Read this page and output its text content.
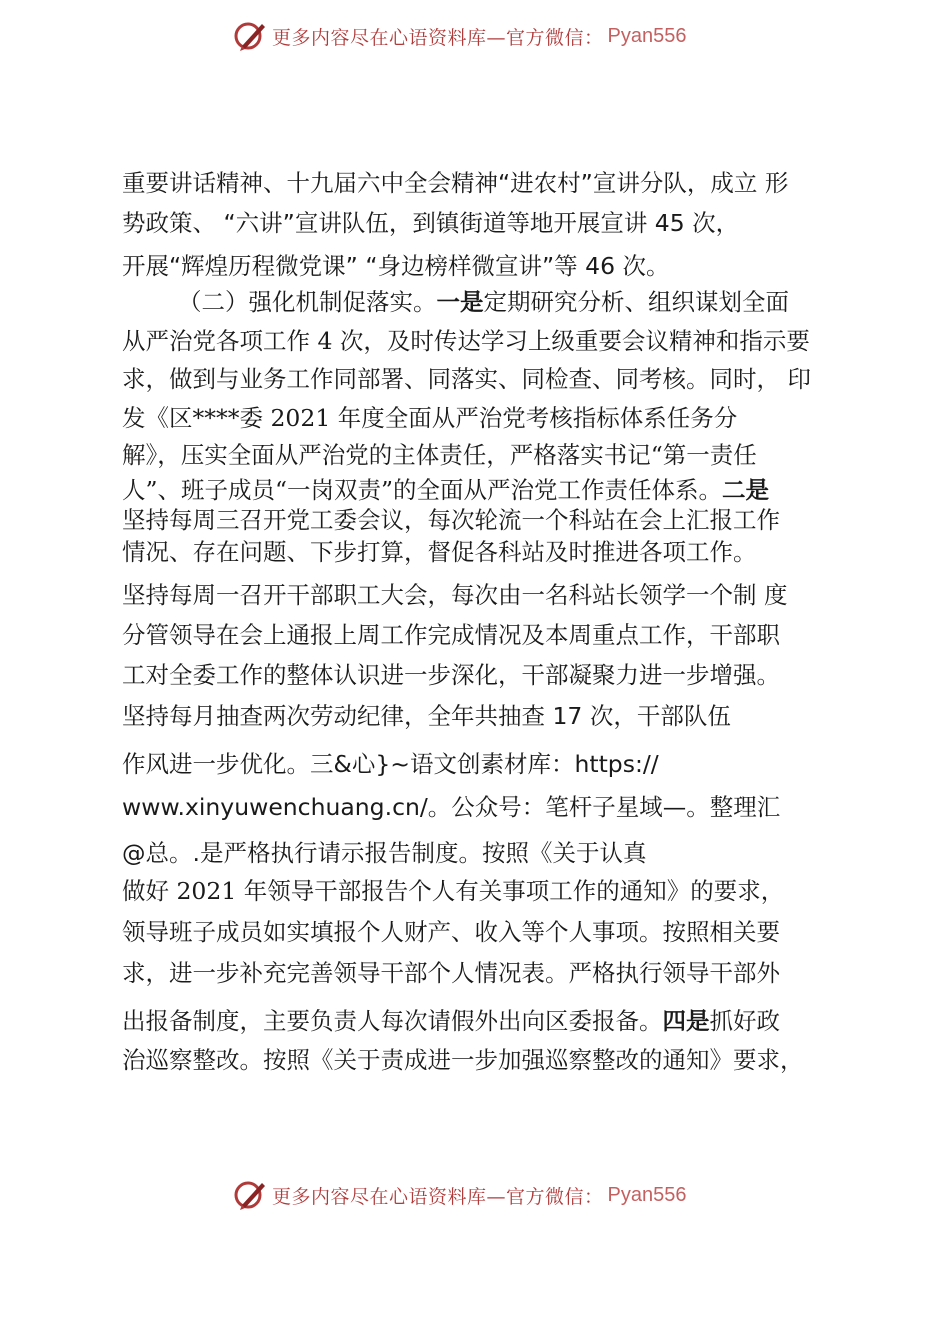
更多内容尽在心语资料库—官方微信： Pyan556
重要讲话精神、十九届六中全会精神“进农村”宣讲分队，成立 形
势政策、 “六讲”宣讲队伍，到镇街道等地开展宣讲 45 次，
开展“辉煌历程微党课” “身边榜样微宣讲”等 46 次。
（二）强化机制促落实。一是定期研究分析、组织谋划全面
从严治党各项工作 4 次，及时传达学习上级重要会议精神和指示要
求，做到与业务工作同部署、同落实、同检查、同考核。同时， 印
发《区****委 2021 年度全面从严治党考核指标体系任务分
解》，压实全面从严治党的主体责任，严格落实书记“第一责任
人”、班子成员“一岗双责”的全面从严治党工作责任体系。二是
坚持每周三召开党工委会议，每次轮流一个科站在会上汇报工作
情况、存在问题、下步打算，督促各科站及时推进各项工作。
坚持每周一召开干部职工大会，每次由一名科站长领学一个制 度
分管领导在会上通报上周工作完成情况及本周重点工作，干部职
工对全委工作的整体认识进一步深化，干部凝聚力进一步增强。
坚持每月抽查两次劳动纪律，全年共抽查 17 次，干部队伍
作风进一步优化。三&心}~语文创素材库：https://
www.xinyuwenchuang.cn/。公众号：笔杆子星域—。整理汇
@总。.是严格执行请示报告制度。按照《关于认真
做好 2021 年领导干部报告个人有关事项工作的通知》的要求，
领导班子成员如实填报个人财产、收入等个人事项。按照相关要
求，进一步补充完善领导干部个人情况表。严格执行领导干部外
出报备制度，主要负责人每次请假外出向区委报备。四是抓好政
治巡察整改。按照《关于责成进一步加强巡察整改的通知》要求，
更多内容尽在心语资料库—官方微信： Pyan556
